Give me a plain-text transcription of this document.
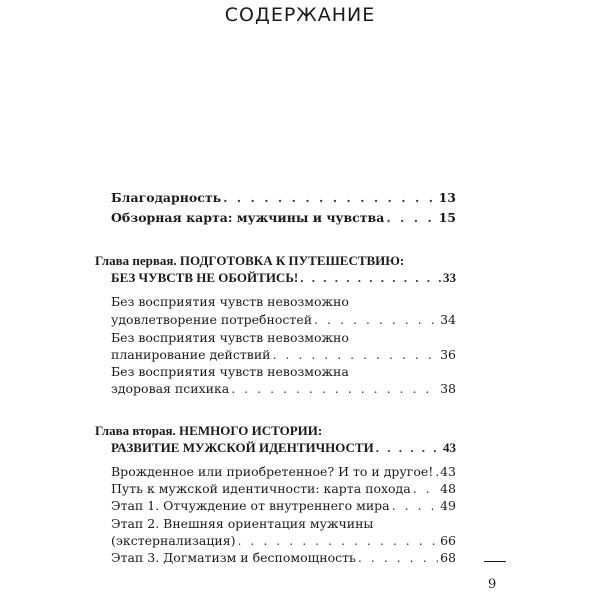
СОДЕРЖАНИЕ
Благодарность . . .	13
Обзорная карта: мужчины и чувства . . .	15
Глава первая. ПОДГОТОВКА К ПУТЕШЕСТВИЮ:
БЕЗ ЧУВСТВ НЕ ОБОЙТИСЬ! . . .	33
Без восприятия чувств невозможно
удовлетворение потребностей . . .	34
Без восприятия чувств невозможно
планирование действий . . .	36
Без восприятия чувств невозможна
здоровая психика . . .	38
Глава вторая. НЕМНОГО ИСТОРИИ:
РАЗВИТИЕ МУЖСКОЙ ИДЕНТИЧНОСТИ . . .	43
Врожденное или приобретенное? И то и другое! . . . 43
Путь к мужской идентичности: карта похода . . . 48
Этап 1. Отчуждение от внутреннего мира . . .	49
Этап 2. Внешняя ориентация мужчины
(экстернализация) . . .	66
Этап 3. Догматизм и беспомощность . . .	68
9
